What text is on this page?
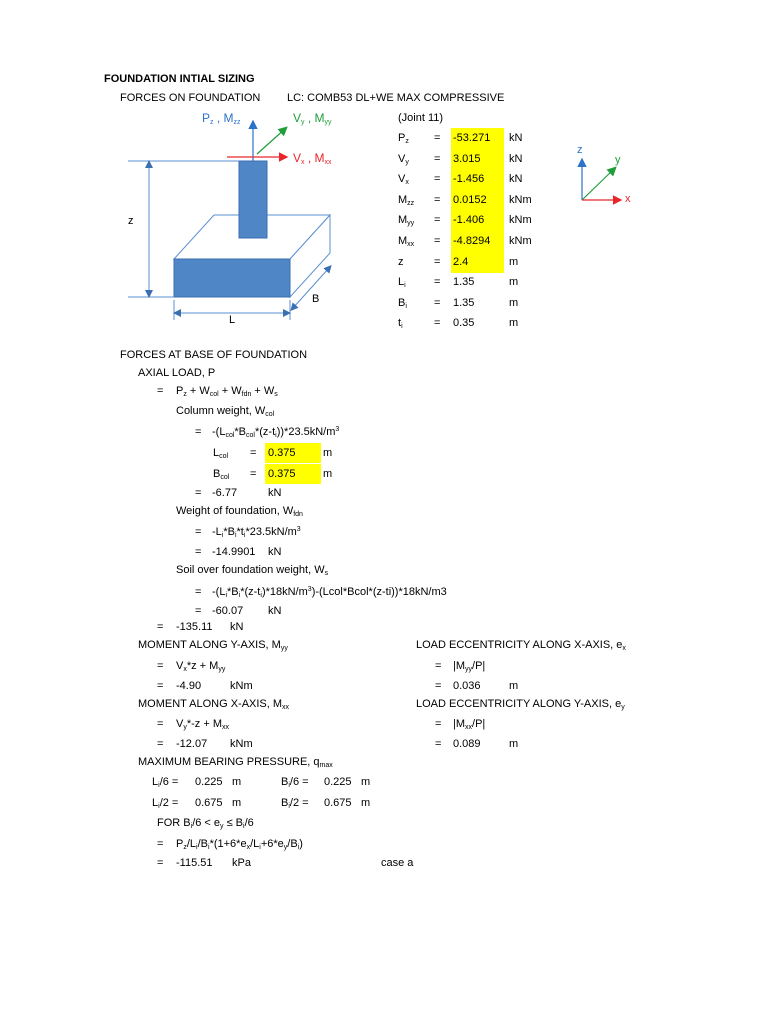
$P_z$ , $M_{zz}$	$V_y$ , $M_{yy}$
$V_x$ , $M_{xx}$
z
B
L
z
y
x
FOUNDATION INTIAL SIZING
FORCES ON FOUNDATION LC: COMB53 DL+WE MAX COMPRESSIVE
(Joint 11)
$P_z = -53.271$ kN
$V_y = 3.015$	kN
$V_x = -1.456$ kN
$M_{zz} = 0.0152$ kNm
$M_{yy} = -1.406$ kNm
$M_{xx} = -4.8294$ kNm
z	= 2.4	m
$L_i$	= 1.35	m
$B_i = 1.35$	m
$t_i$	= 0.35	m
FORCES AT BASE OF FOUNDATION
AXIAL LOAD, P
= $P_z + W_{col} + W_{fdn} + W_s$
Column weight, $W_{col}$
= $-(L_{col}*B_{col}*(z-t_i))*23.5kN/m^3$
$L_{col} = 0.375$ m
$B_{col} = 0.375$ m
= -6.77	kN
Weight of foundation, $W_{fdn}$
= $-L_i*B_i*t_i*23.5kN/m^3$
= -14.9901 kN
Soil over foundation weight, $W_s$
= $-(L_i*B_i*(z-t_i)*18kN/m^3)-(Lcol*Bcol*(z-ti))*18kN/m3$
= -60.07 kN
= -135.11 kN
MOMENT ALONG Y-AXIS, $M_{yy}$
= $V_x*z + M_{yy}$
= -4.90	kNm
MOMENT ALONG X-AXIS, $M_{xx}$
= $V_y*-z + M_{xx}$
= -12.07 kNm
LOAD ECCENTRICITY ALONG X-AXIS, $e_x$
= $|M_{yy}/P|$
= 0.036	m
LOAD ECCENTRICITY ALONG Y-AXIS, $e_y$
= $|M_{xx}/P|$
= 0.089	m
MAXIMUM BEARING PRESSURE, $q_{max}$
$L_i/6 = 0.225$ m	$B_i/6 = 0.225$ m
$L_i/2 = 0.675$ m	$B_i/2 = 0.675$ m
FOR $B_i/6 < e_y \le B_i/6$
= $P_z/L_i/B_i*(1+6*e_x/L_i+6*e_y/B_i)$
= -115.51 kPa	case a
